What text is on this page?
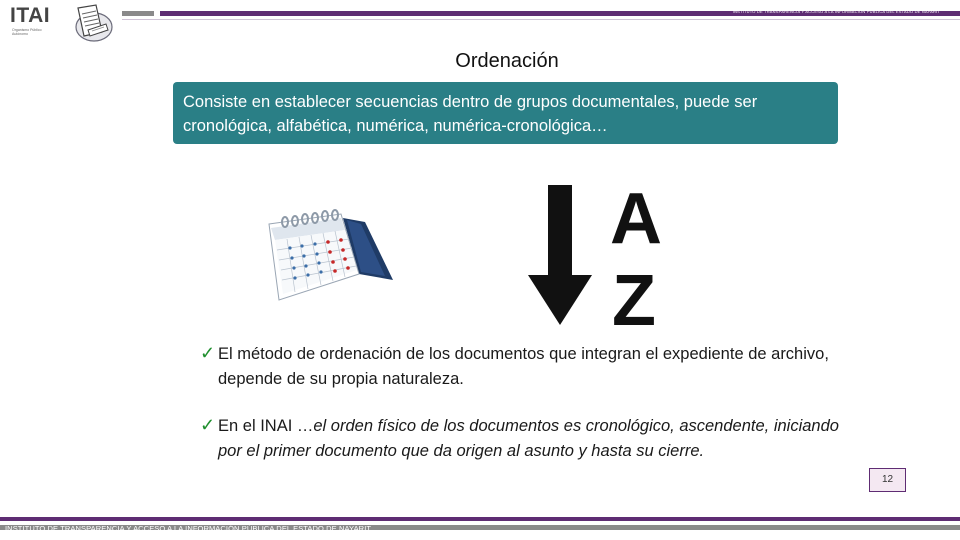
ITAI
Organismo Público
Autónomo
INSTITUTO DE TRANSPARENCIA Y ACCESO A LA INFORMACIÓN PÚBLICA DEL ESTADO DE NAYARIT
Ordenación
Consiste en establecer secuencias dentro de grupos documentales, puede ser cronológica, alfabética, numérica, numérica-cronológica…
A
Z
✓ El método de ordenación de los documentos que integran el expediente de archivo, depende de su propia naturaleza.
✓ En el INAI …el orden físico de los documentos es cronológico, ascendente, iniciando por el primer documento que da origen al asunto y hasta su cierre.
12
INSTITUTO DE TRANSPARENCIA Y ACCESO A LA INFORMACIÓN PÚBLICA DEL ESTADO DE NAYARIT
